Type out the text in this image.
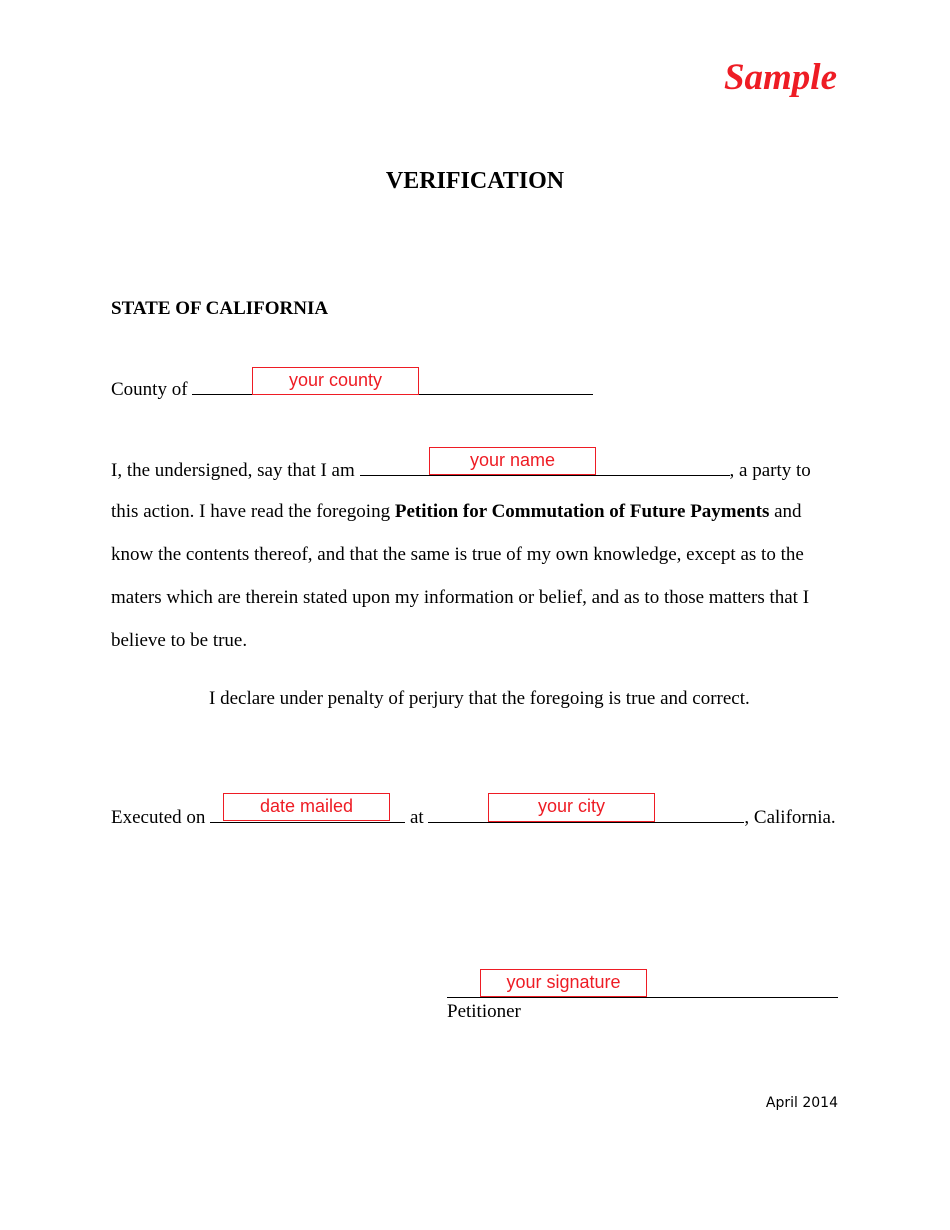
Sample
VERIFICATION
STATE OF CALIFORNIA
County of	your county
I, the undersigned, say that I am	, a party to
your name
this action. I have read the foregoing Petition for Commutation of Future Payments and
know the contents thereof, and that the same is true of my own knowledge, except as to the
maters which are therein stated upon my information or belief, and as to those matters that I
believe to be true.
I declare under penalty of perjury that the foregoing is true and correct.
Executed on	at	, California.
date mailed	your city
your signature
Petitioner
April 2014
